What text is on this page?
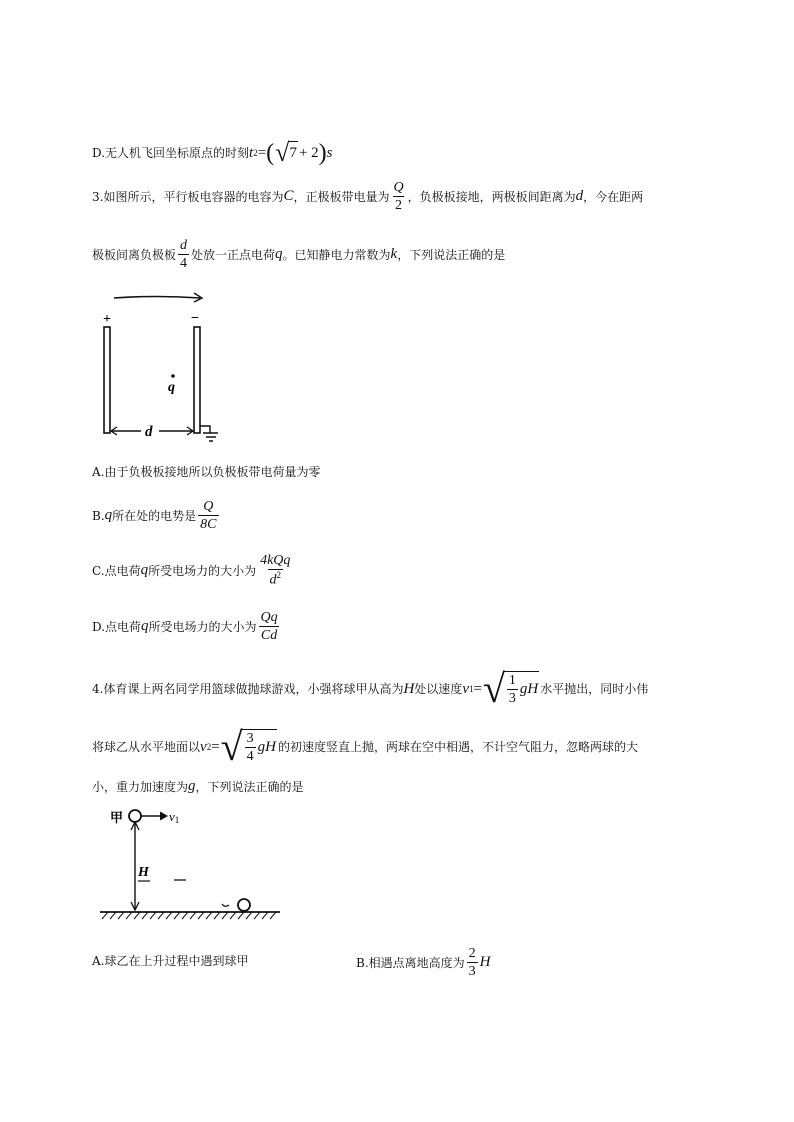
D.无人机飞回坐标原点的时刻 t 2 = ( √ 7 + 2 ) s
3.如图所示，平行板电容器的电容为 C ，正极板带电量为 $\frac{Q}{2}$ ，负极板接地，两极板间距离为 d ，今在距两
极板间离负极板 $\frac{d}{4}$ 处放一正点电荷 q 。已知静电力常数为 k ，下列说法正确的是
+	−
q
d
A.由于负极板接地所以负极板带电荷量为零
B. q 所在处的电势是 $\frac{Q}{8C}$
C.点电荷 q 所受电场力的大小为 $\frac{\text{4kQq}}{d^2}$
D.点电荷 q 所受电场力的大小为 $\frac{Qq}{Cd}$
4.体育课上两名同学用篮球做抛球游戏，小强将球甲从高为 H 处以速度 v 1 = √ $\frac{1}{3}$ gH 水平抛出，同时小伟
将球乙从水平地面以 v 2 = √ $\frac{3}{4}$ gH 的初速度竖直上抛，两球在空中相遇，不计空气阻力，忽略两球的大
小，重力加速度为 g ，下列说法正确的是
甲	v1
H
A.球乙在上升过程中遇到球甲	B.相遇点离地高度为 $\frac{2}{3}$ H
